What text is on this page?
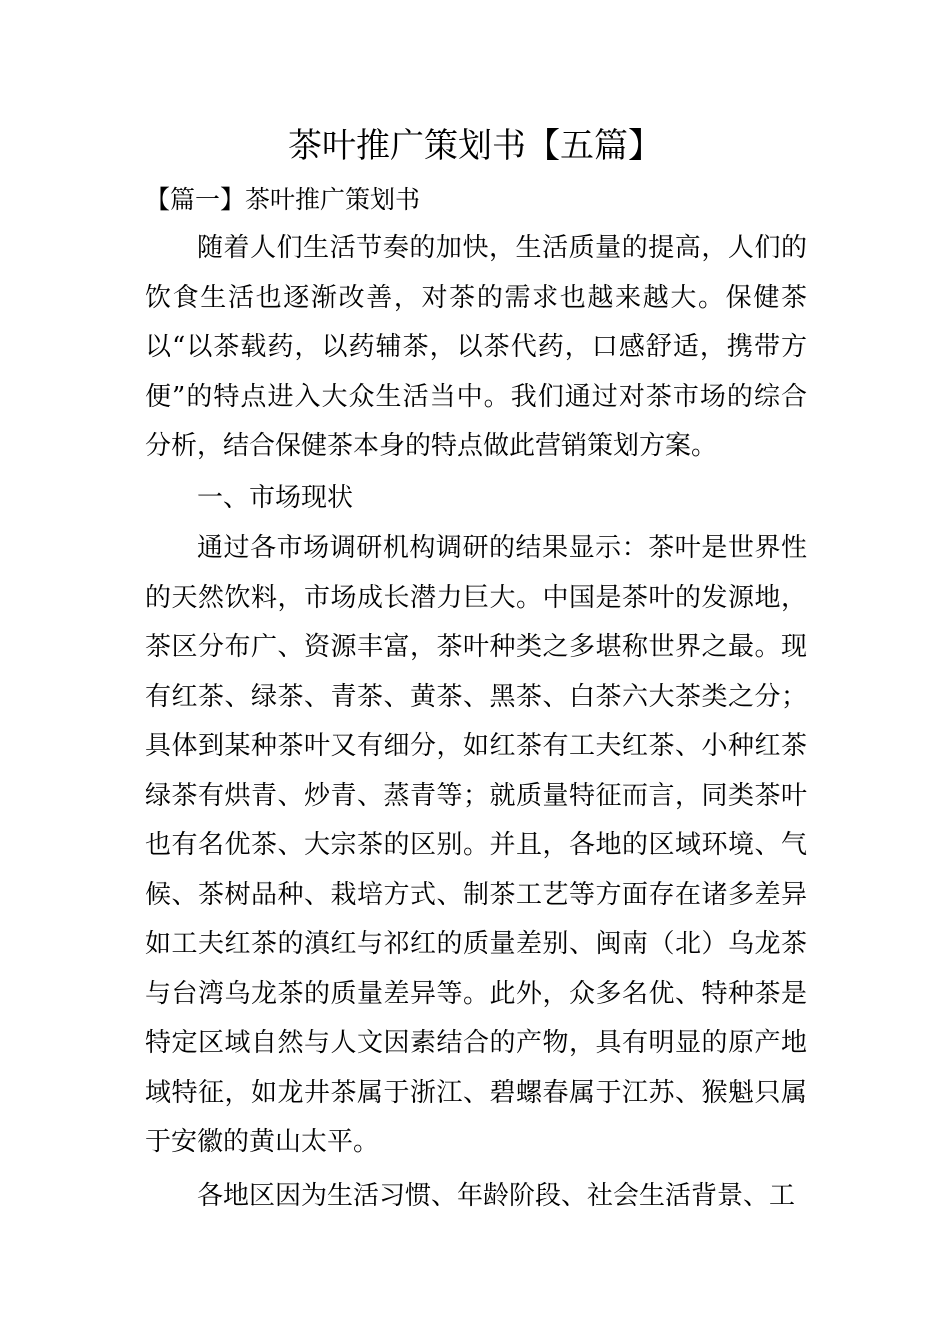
茶叶推广策划书【五篇】
【篇一】茶叶推广策划书

随着人们生活节奏的加快，生活质量的提高，人们的饮食生活也逐渐改善，对茶的需求也越来越大。保健茶以“以茶载药，以药辅茶，以茶代药，口感舒适，携带方便”的特点进入大众生活当中。我们通过对茶市场的综合分析，结合保健茶本身的特点做此营销策划方案。

一、市场现状

通过各市场调研机构调研的结果显示：茶叶是世界性的天然饮料，市场成长潜力巨大。中国是茶叶的发源地，茶区分布广、资源丰富，茶叶种类之多堪称世界之最。现有红茶、绿茶、青茶、黄茶、黑茶、白茶六大茶类之分；具体到某种茶叶又有细分，如红茶有工夫红茶、小种红茶绿茶有烘青、炒青、蒸青等；就质量特征而言，同类茶叶也有名优茶、大宗茶的区别。并且，各地的区域环境、气候、茶树品种、栽培方式、制茶工艺等方面存在诸多差异如工夫红茶的滇红与祁红的质量差别、闽南（北）乌龙茶与台湾乌龙茶的质量差异等。此外，众多名优、特种茶是特定区域自然与人文因素结合的产物，具有明显的原产地域特征，如龙井茶属于浙江、碧螺春属于江苏、猴魁只属于安徽的黄山太平。

各地区因为生活习惯、年龄阶段、社会生活背景、工
